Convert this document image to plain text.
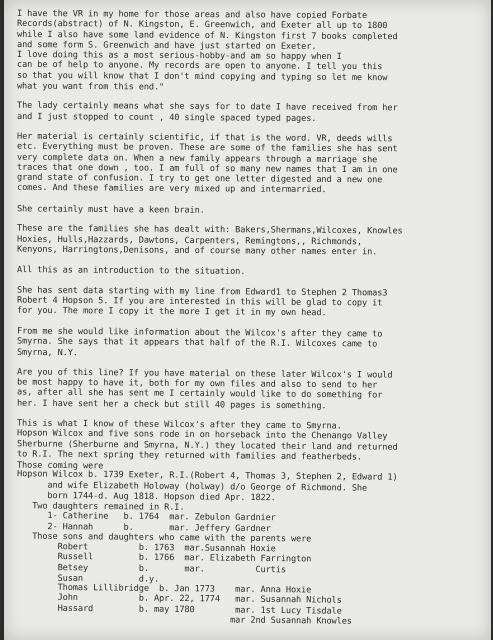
I have the VR in my home for those areas and also have copied Forbate
Records(abstract) of N. Kingston, E. Greenwich, and Exeter all up to 1800
while I also have some land evidence of N. Kingston first 7 books completed
and some form S. Greenwich and have just started on Exeter.
I love doing this as a most serious-hobby-and am so happy when I
can be of help to anyone. My records are open to anyone. I tell you this
so that you will know that I don't mind copying and typing so let me know
what you want from this end."
The lady certainly means what she says for to date I have received from her
and I just stopped to count , 40 single spaced typed pages.
Her material is certainly scientific, if that is the word. VR, deeds wills
etc. Everything must be proven. These are some of the families she has sent
very complete data on. When a new family appears through a marriage she
traces that one down , too. I am full of so many new names that I am in one
grand state of confusion. I try to get one letter digested and a new one
comes. And these families are very mixed up and intermarried.
She certainly must have a keen brain.
These are the families she has dealt with: Bakers,Shermans,Wilcoxes, Knowles
Hoxies, Hulls,Hazzards, Dawtons, Carpenters, Remingtons,, Richmonds,
Kenyons, Harringtons,Denisons, and of course many other names enter in.
All this as an introduction to the situation.
She has sent data starting with my line from Edward1 to Stephen 2 Thomas3
Robert 4 Hopson 5. If you are interested in this will be glad to copy it
for you. The more I copy it the more I get it in my own head.
From me she would like information about the Wilcox's after they came to
Smyrna. She says that it appears that half of the R.I. Wilcoxes came to
Smyrna, N.Y.
Are you of this line? If you have material on these later Wilcox's I would
be most happy to have it, both for my own files and also to send to her
as, after all she has sent me I certainly would like to do something for
her. I have sent her a check but still 40 pages is something.
This is what I know of these Wilcox's after they came to Smyrna.
Hopson Wilcox and five sons rode in on horseback into the Chenango Valley
Sherburne (Sherburne and Smyrna, N.Y.) they located their land and returned
to R.I. The next spring they returned with families and featherbeds.
Those coming were
Hopson Wilcox b. 1739 Exeter, R.I.(Robert 4, Thomas 3, Stephen 2, Edward 1)
and wife Elizabeth Holoway (holway) d/o George of Richmond. She
born 1744-d. Aug 1818. Hopson died Apr. 1822.
Two daughters remained in R.I.
1- Catherine   b. 1764  mar. Zebulon Gardnier
2- Hannah      b.       mar. Jeffery Gardner
Those sons and daughters who came with the parents were
Robert          b. 1763  mar.Susannah Hoxie
Russell         b. 1766  mar. Elizabeth Farrington
Betsey          b.       mar.          Curtis
Susan           d.y.
Thomas Lillibridge  b. Jan 1773    mar. Anna Hoxie
John            b. Apr. 22, 1774   mar. Susannah Nichols
Hassard         b. may 1780        mar. 1st Lucy Tisdale
mar 2nd Susannah Knowles
